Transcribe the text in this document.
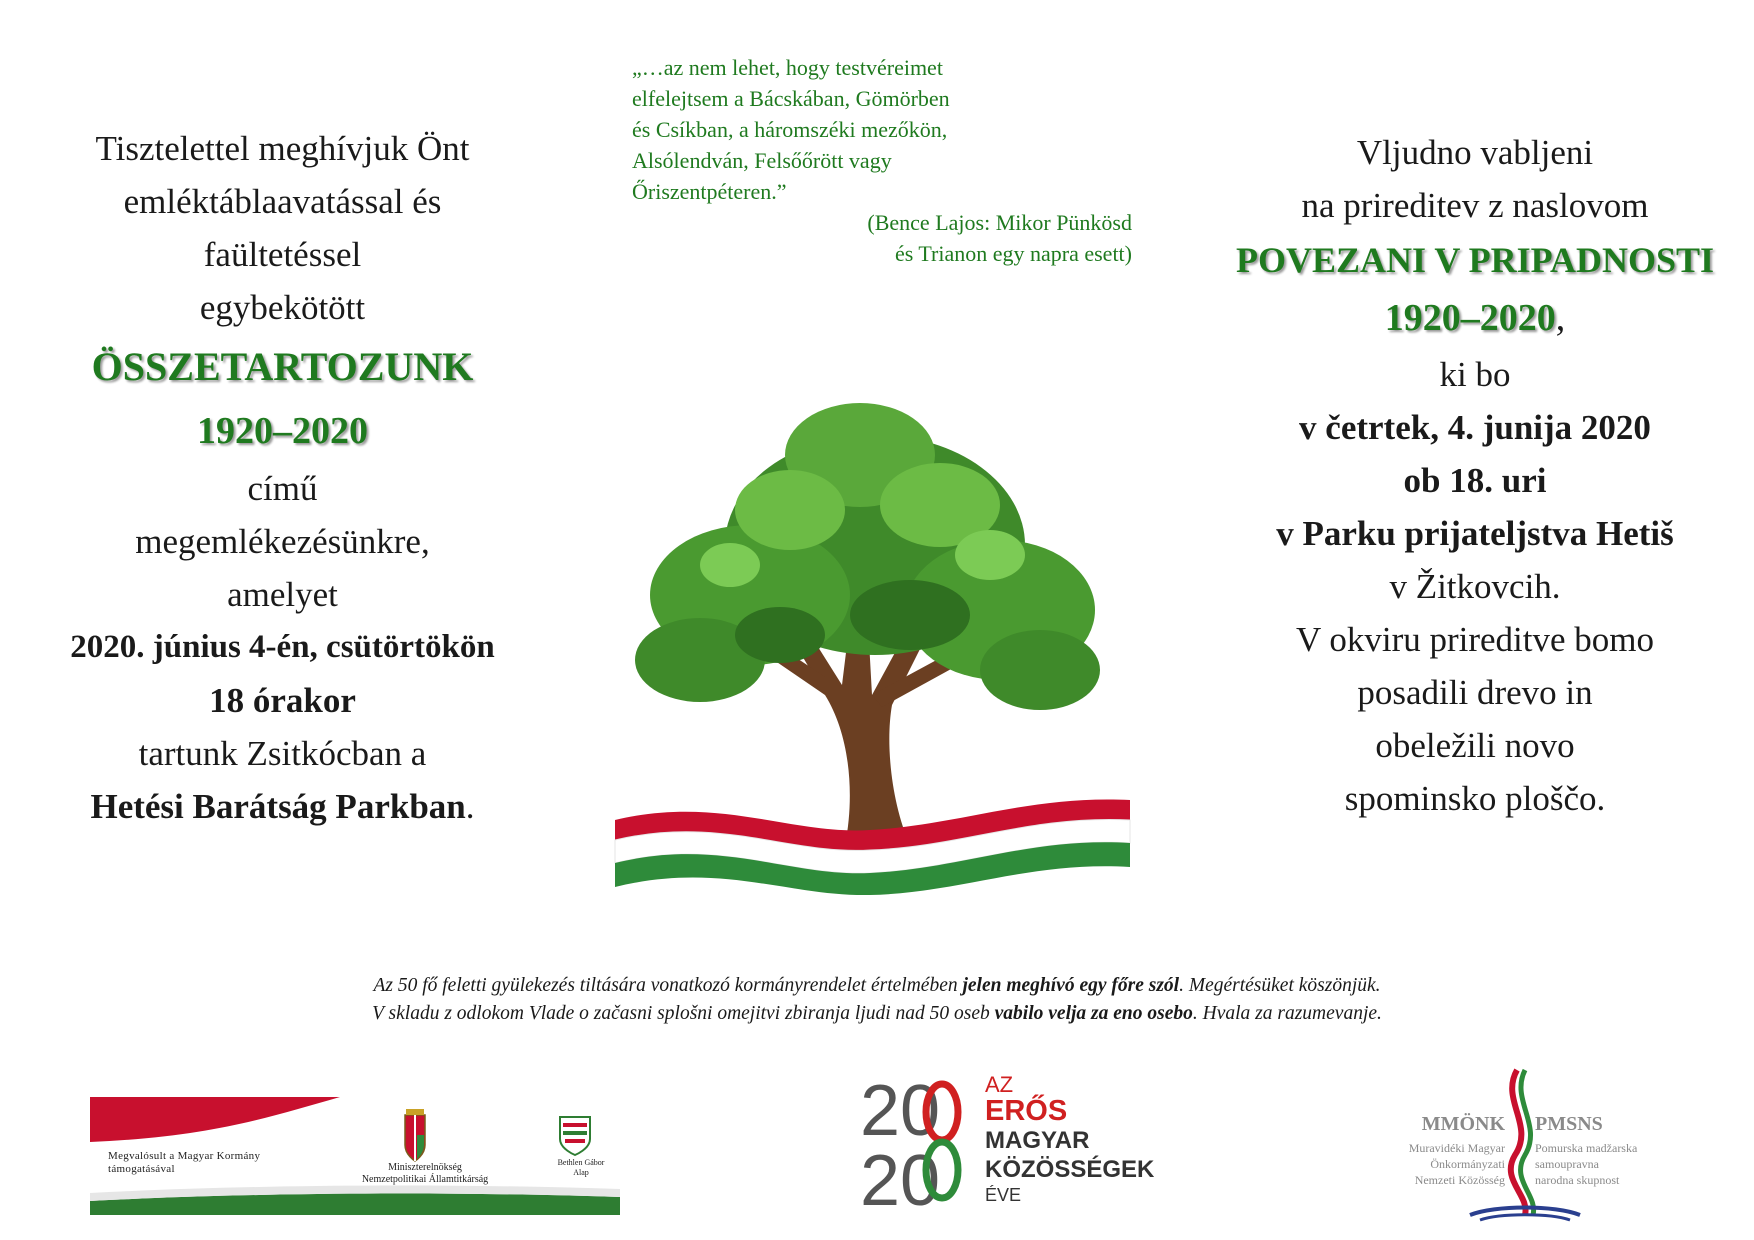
„…az nem lehet, hogy testvéreimet
elfelejtsem a Bácskában, Gömörben
és Csíkban, a háromszéki mezőkön,
Alsólendván, Felsőőrött vagy
Őriszentpéteren.”
(Bence Lajos: Mikor Pünkösd
és Trianon egy napra esett)
Tisztelettel meghívjuk Önt
emléktáblaavatással és
faültetéssel
egybekötött
ÖSSZETARTOZUNK
1920–2020
című
megemlékezésünkre,
amelyet
2020. június 4-én, csütörtökön
18 órakor
tartunk Zsitkócban a
Hetési Barátság Parkban.
Vljudno vabljeni
na prireditev z naslovom
POVEZANI V PRIPADNOSTI
1920–2020,
ki bo
v četrtek, 4. junija 2020
ob 18. uri
v Parku prijateljstva Hetiš
v Žitkovcih.
V okviru prireditve bomo
posadili drevo in
obeležili novo
spominsko ploščo.
Az 50 fő feletti gyülekezés tiltására vonatkozó kormányrendelet értelmében jelen meghívó egy főre szól. Megértésüket köszönjük.
V skladu z odlokom Vlade o začasni splošni omejitvi zbiranja ljudi nad 50 oseb vabilo velja za eno osebo. Hvala za razumevanje.
Megvalósult a Magyar Kormány
támogatásával	Miniszterelnökség
Nemzetpolitikai Államtitkárság
Bethlen Gábor
Alap
20
20
AZ
ERŐS
MAGYAR
KÖZÖSSÉGEK
ÉVE
MMÖNK
Muravidéki Magyar
Önkormányzati
Nemzeti Közösség
PMSNS
Pomurska madžarska
samoupravna
narodna skupnost
